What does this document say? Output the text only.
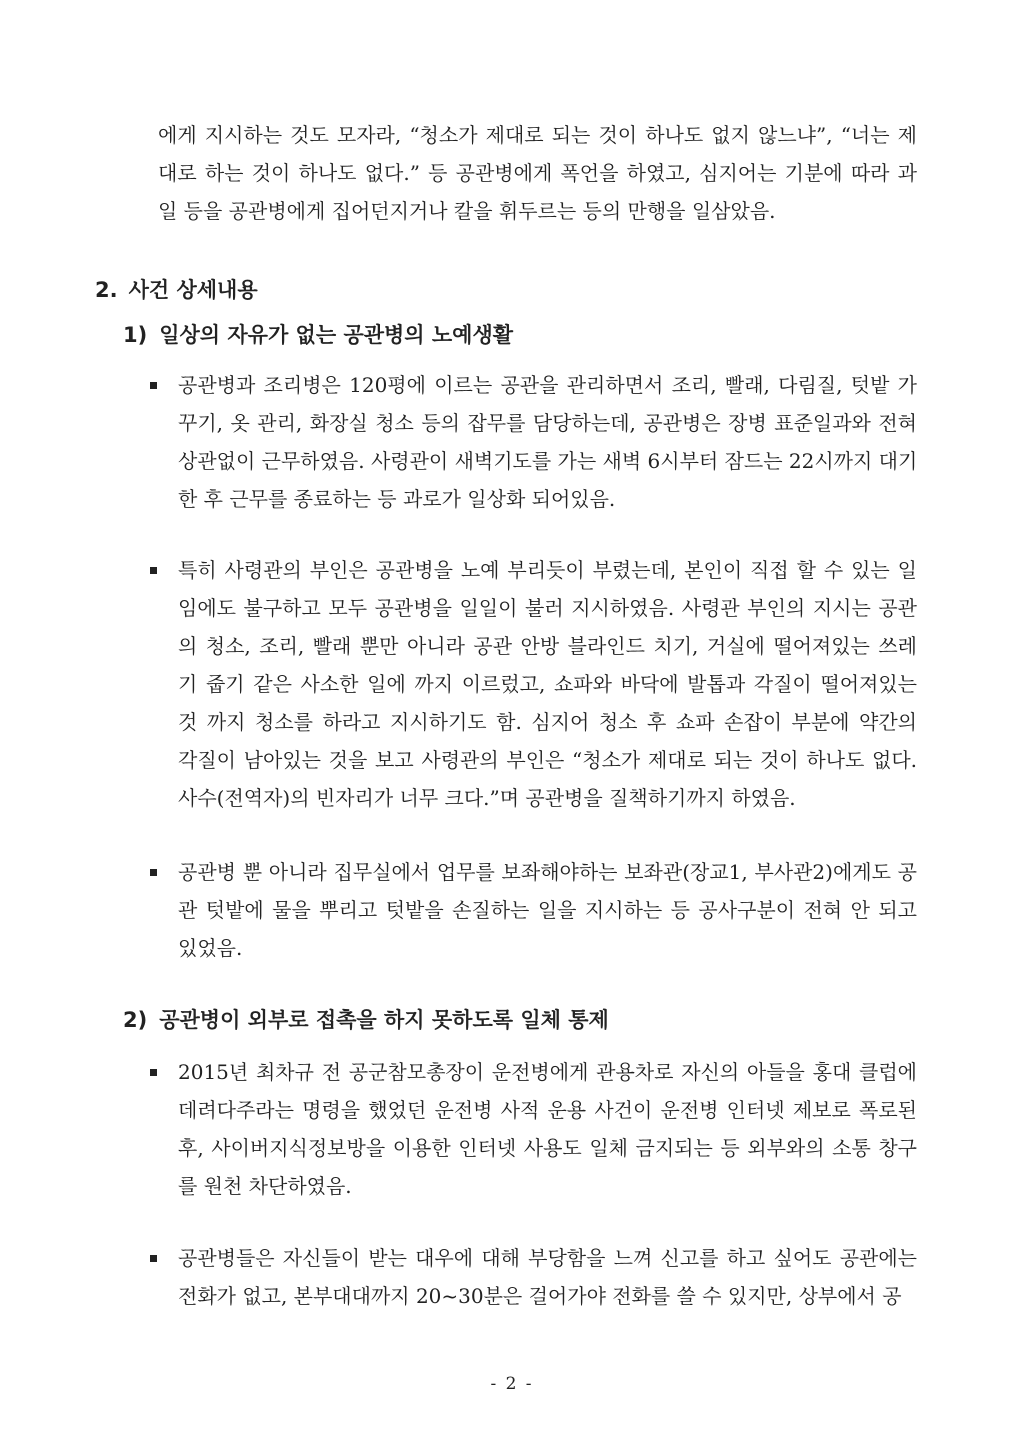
에게 지시하는 것도 모자라, “청소가 제대로 되는 것이 하나도 없지 않느냐”, “너는 제
대로 하는 것이 하나도 없다.” 등 공관병에게 폭언을 하였고, 심지어는 기분에 따라 과
일 등을 공관병에게 집어던지거나 칼을 휘두르는 등의 만행을 일삼았음.
2. 사건 상세내용
1) 일상의 자유가 없는 공관병의 노예생활
공관병과 조리병은 120평에 이르는 공관을 관리하면서 조리, 빨래, 다림질, 텃밭 가
꾸기, 옷 관리, 화장실 청소 등의 잡무를 담당하는데, 공관병은 장병 표준일과와 전혀
상관없이 근무하였음. 사령관이 새벽기도를 가는 새벽 6시부터 잠드는 22시까지 대기
한 후 근무를 종료하는 등 과로가 일상화 되어있음.
특히 사령관의 부인은 공관병을 노예 부리듯이 부렸는데, 본인이 직접 할 수 있는 일
임에도 불구하고 모두 공관병을 일일이 불러 지시하였음. 사령관 부인의 지시는 공관
의 청소, 조리, 빨래 뿐만 아니라 공관 안방 블라인드 치기, 거실에 떨어져있는 쓰레
기 줍기 같은 사소한 일에 까지 이르렀고, 쇼파와 바닥에 발톱과 각질이 떨어져있는
것 까지 청소를 하라고 지시하기도 함. 심지어 청소 후 쇼파 손잡이 부분에 약간의
각질이 남아있는 것을 보고 사령관의 부인은 “청소가 제대로 되는 것이 하나도 없다.
사수(전역자)의 빈자리가 너무 크다.”며 공관병을 질책하기까지 하였음.
공관병 뿐 아니라 집무실에서 업무를 보좌해야하는 보좌관(장교1, 부사관2)에게도 공
관 텃밭에 물을 뿌리고 텃밭을 손질하는 일을 지시하는 등 공사구분이 전혀 안 되고
있었음.
2) 공관병이 외부로 접촉을 하지 못하도록 일체 통제
2015년 최차규 전 공군참모총장이 운전병에게 관용차로 자신의 아들을 홍대 클럽에
데려다주라는 명령을 했었던 운전병 사적 운용 사건이 운전병 인터넷 제보로 폭로된
후, 사이버지식정보방을 이용한 인터넷 사용도 일체 금지되는 등 외부와의 소통 창구
를 원천 차단하였음.
공관병들은 자신들이 받는 대우에 대해 부당함을 느껴 신고를 하고 싶어도 공관에는
전화가 없고, 본부대대까지 20~30분은 걸어가야 전화를 쓸 수 있지만, 상부에서 공
- 2 -
